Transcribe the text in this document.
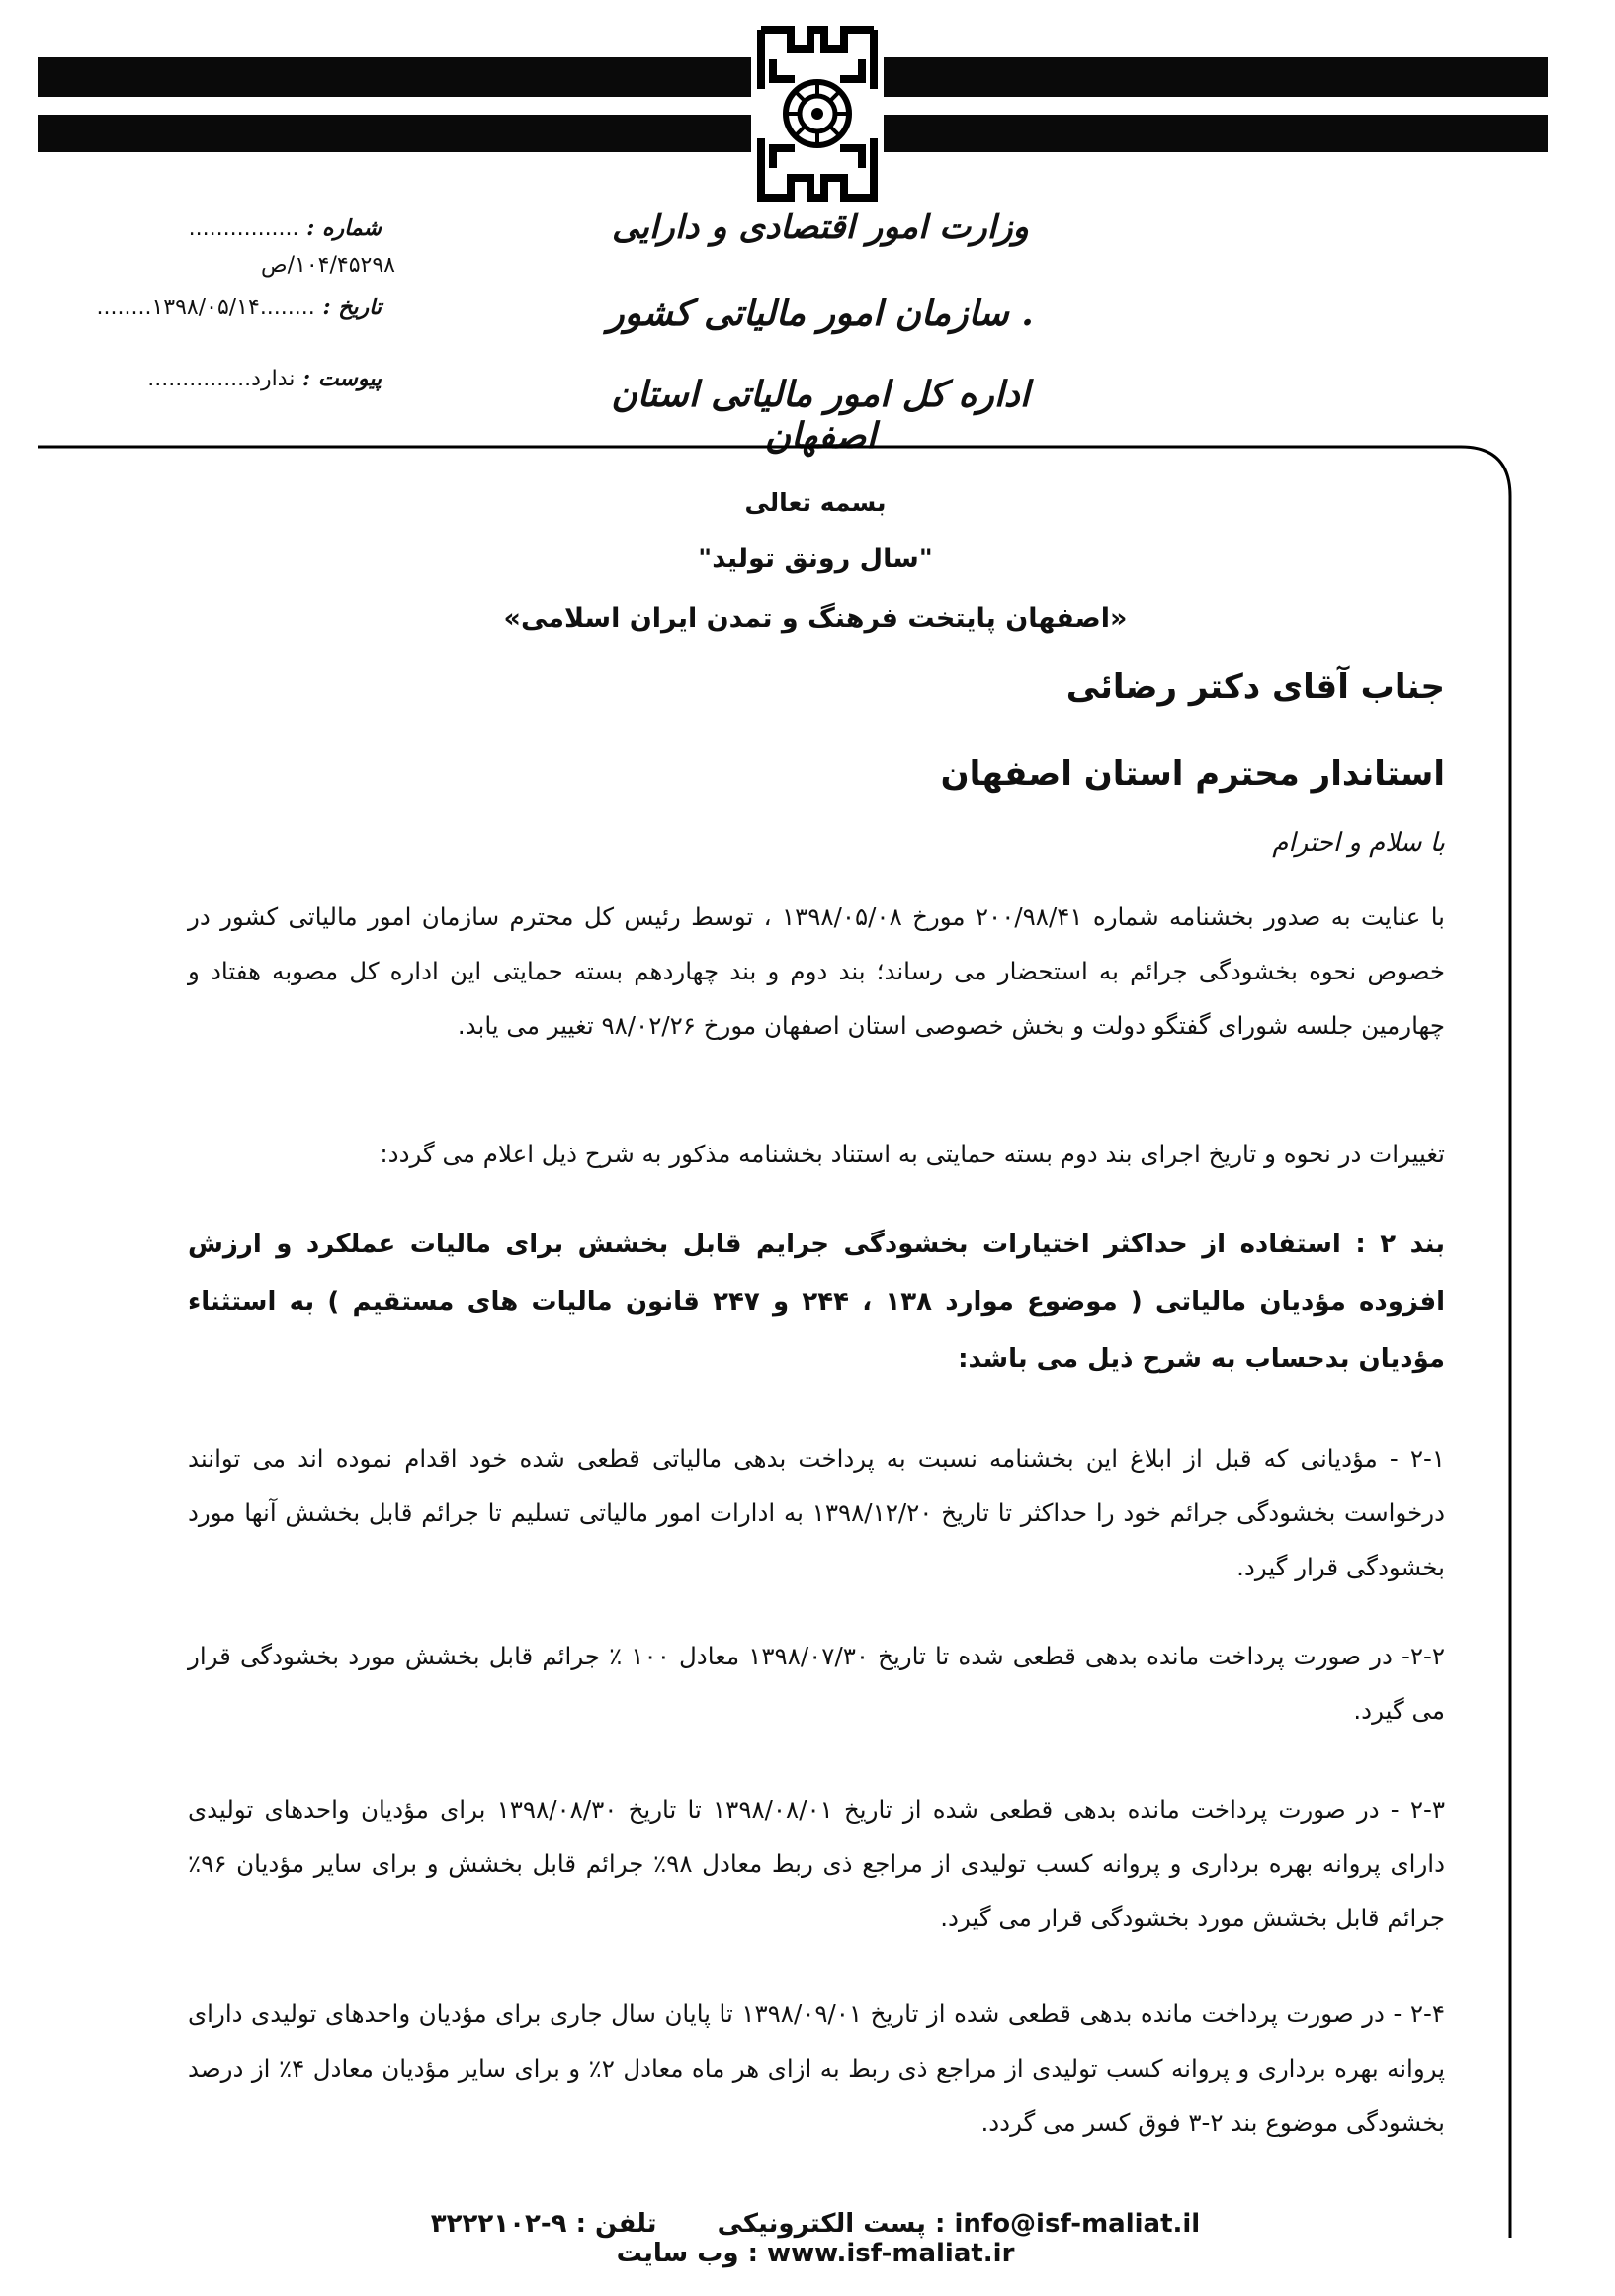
وزارت امور اقتصادی و دارایی
. سازمان امور مالیاتی کشور
اداره کل امور مالیاتی استان اصفهان
شماره : ................
۱۰۴/۴۵۲۹۸/ص
تاریخ : ........۱۳۹۸/۰۵/۱۴........
پیوست : ندارد...............
بسمه تعالی
"سال رونق تولید"
«اصفهان پایتخت فرهنگ و تمدن ایران اسلامی»
جناب آقای دکتر رضائی
استاندار محترم استان اصفهان
با سلام و احترام
با عنایت به صدور بخشنامه شماره ۲۰۰/۹۸/۴۱ مورخ ۱۳۹۸/۰۵/۰۸ ، توسط رئیس کل محترم سازمان امور مالیاتی کشور در خصوص نحوه بخشودگی جرائم به استحضار می رساند؛ بند دوم و بند چهاردهم بسته حمایتی این اداره کل مصوبه هفتاد و چهارمین جلسه شورای گفتگو دولت و بخش خصوصی استان اصفهان مورخ ۹۸/۰۲/۲۶ تغییر می یابد.
تغییرات در نحوه و تاریخ اجرای بند دوم بسته حمایتی به استناد بخشنامه مذکور به شرح ذیل اعلام می گردد:
بند ۲ : استفاده از حداکثر اختیارات بخشودگی جرایم قابل بخشش برای مالیات عملکرد و ارزش افزوده مؤدیان مالیاتی ( موضوع موارد ۱۳۸ ، ۲۴۴ و ۲۴۷ قانون مالیات های مستقیم ) به استثناء مؤدیان بدحساب به شرح ذیل می باشد:
۲-۱ - مؤدیانی که قبل از ابلاغ این بخشنامه نسبت به پرداخت بدهی مالیاتی قطعی شده خود اقدام نموده اند می توانند درخواست بخشودگی جرائم خود را حداکثر تا تاریخ ۱۳۹۸/۱۲/۲۰ به ادارات امور مالیاتی تسلیم تا جرائم قابل بخشش آنها مورد بخشودگی قرار گیرد.
۲-۲- در صورت پرداخت مانده بدهی قطعی شده تا تاریخ ۱۳۹۸/۰۷/۳۰ معادل ۱۰۰ ٪ جرائم قابل بخشش مورد بخشودگی قرار می گیرد.
۲-۳ - در صورت پرداخت مانده بدهی قطعی شده از تاریخ ۱۳۹۸/۰۸/۰۱ تا تاریخ ۱۳۹۸/۰۸/۳۰ برای مؤدیان واحدهای تولیدی دارای پروانه بهره برداری و پروانه کسب تولیدی از مراجع ذی ربط معادل ۹۸٪ جرائم قابل بخشش و برای سایر مؤدیان ۹۶٪ جرائم قابل بخشش مورد بخشودگی قرار می گیرد.
۲-۴ - در صورت پرداخت مانده بدهی قطعی شده از تاریخ ۱۳۹۸/۰۹/۰۱ تا پایان سال جاری برای مؤدیان واحدهای تولیدی دارای پروانه بهره برداری و پروانه کسب تولیدی از مراجع ذی ربط به ازای هر ماه معادل ۲٪ و برای سایر مؤدیان معادل ۴٪ از درصد بخشودگی موضوع بند ۲-۳ فوق کسر می گردد.
تلفن : ۹-۳۲۲۲۱۰۲ پست الکترونیکی : info@isf-maliat.il وب سایت : www.isf-maliat.ir
